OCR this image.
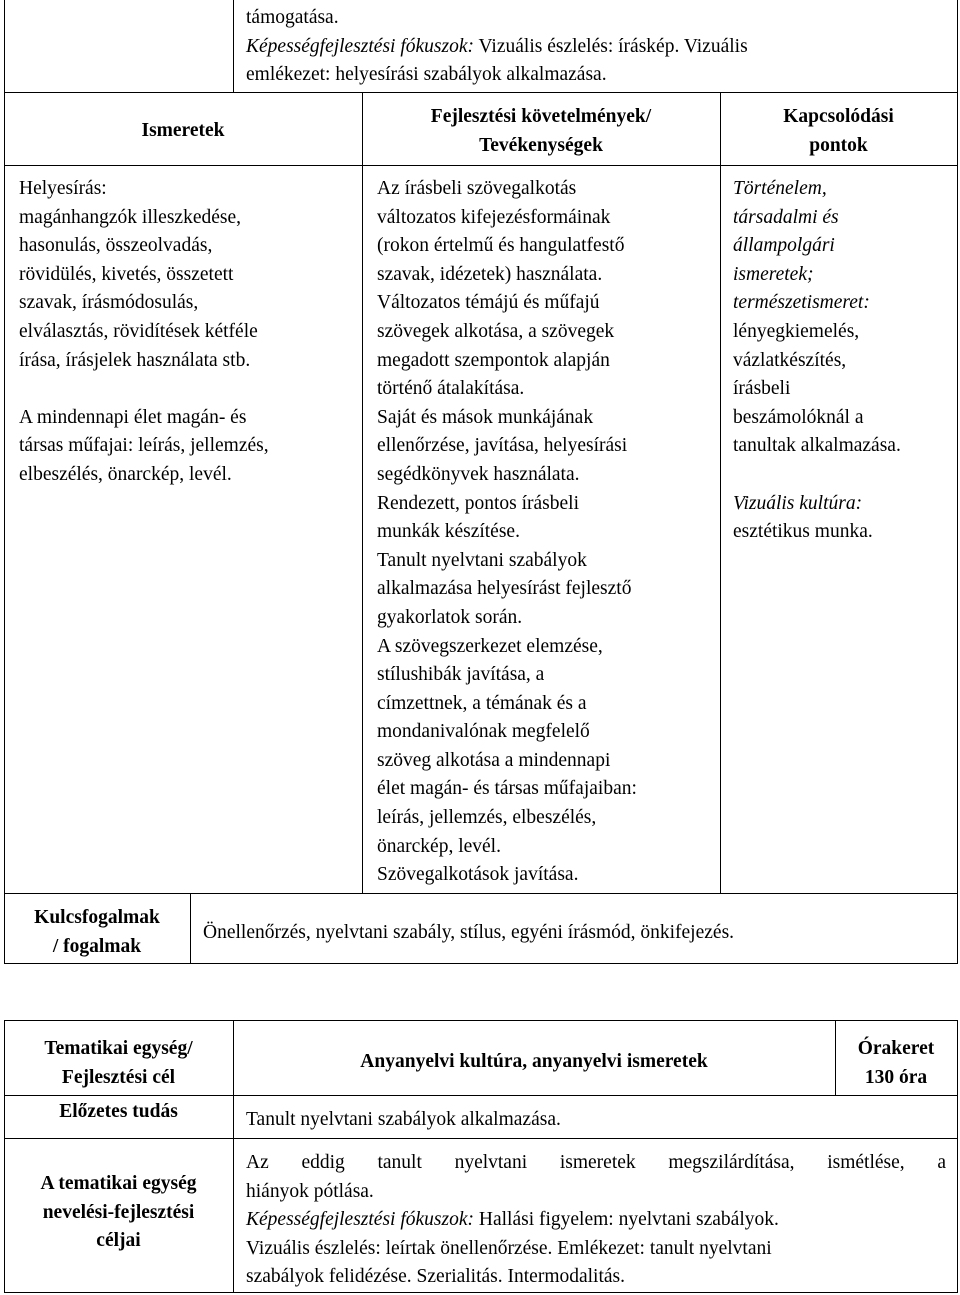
támogatása.

Képességfejlesztési fókuszok: Vizuális észlelés: íráskép. Vizuális

emlékezet: helyesírási szabályok alkalmazása.

Ismeretek

Fejlesztési követelmények/

Tevékenységek

Kapcsolódási

pontok

Helyesírás:

magánhangzók illeszkedése,

hasonulás, összeolvadás,

rövidülés, kivetés, összetett

szavak, írásmódosulás,

elválasztás, rövidítések kétféle

írása, írásjelek használata stb.

A mindennapi élet magán- és

társas műfajai: leírás, jellemzés,

elbeszélés, önarckép, levél.

Az írásbeli szövegalkotás

változatos kifejezésformáinak

(rokon értelmű és hangulatfestő

szavak, idézetek) használata.

Változatos témájú és műfajú

szövegek alkotása, a szövegek

megadott szempontok alapján

történő átalakítása.

Saját és mások munkájának

ellenőrzése, javítása, helyesírási

segédkönyvek használata.

Rendezett, pontos írásbeli

munkák készítése.

Tanult nyelvtani szabályok

alkalmazása helyesírást fejlesztő

gyakorlatok során.

A szövegszerkezet elemzése,

stílushibák javítása, a

címzettnek, a témának és a

mondanivalónak megfelelő

szöveg alkotása a mindennapi

élet magán- és társas műfajaiban:

leírás, jellemzés, elbeszélés,

önarckép, levél.

Szövegalkotások javítása.

Történelem,

társadalmi és

állampolgári

ismeretek;

természetismeret:

lényegkiemelés,

vázlatkészítés,

írásbeli

beszámolóknál a

tanultak alkalmazása.

Vizuális kultúra:

esztétikus munka.

Kulcsfogalmak

/ fogalmak

Önellenőrzés, nyelvtani szabály, stílus, egyéni írásmód, önkifejezés.

Tematikai egység/

Fejlesztési cél

Anyanyelvi kultúra, anyanyelvi ismeretek

Órakeret

130 óra

Előzetes tudás	Tanult nyelvtani szabályok alkalmazása.

A tematikai egység

nevelési-fejlesztési

céljai

Az eddig tanult nyelvtani ismeretek megszilárdítása, ismétlése, a

hiányok pótlása.

Képességfejlesztési fókuszok: Hallási figyelem: nyelvtani szabályok.

Vizuális észlelés: leírtak önellenőrzése. Emlékezet: tanult nyelvtani

szabályok felidézése. Szerialitás. Intermodalitás.
